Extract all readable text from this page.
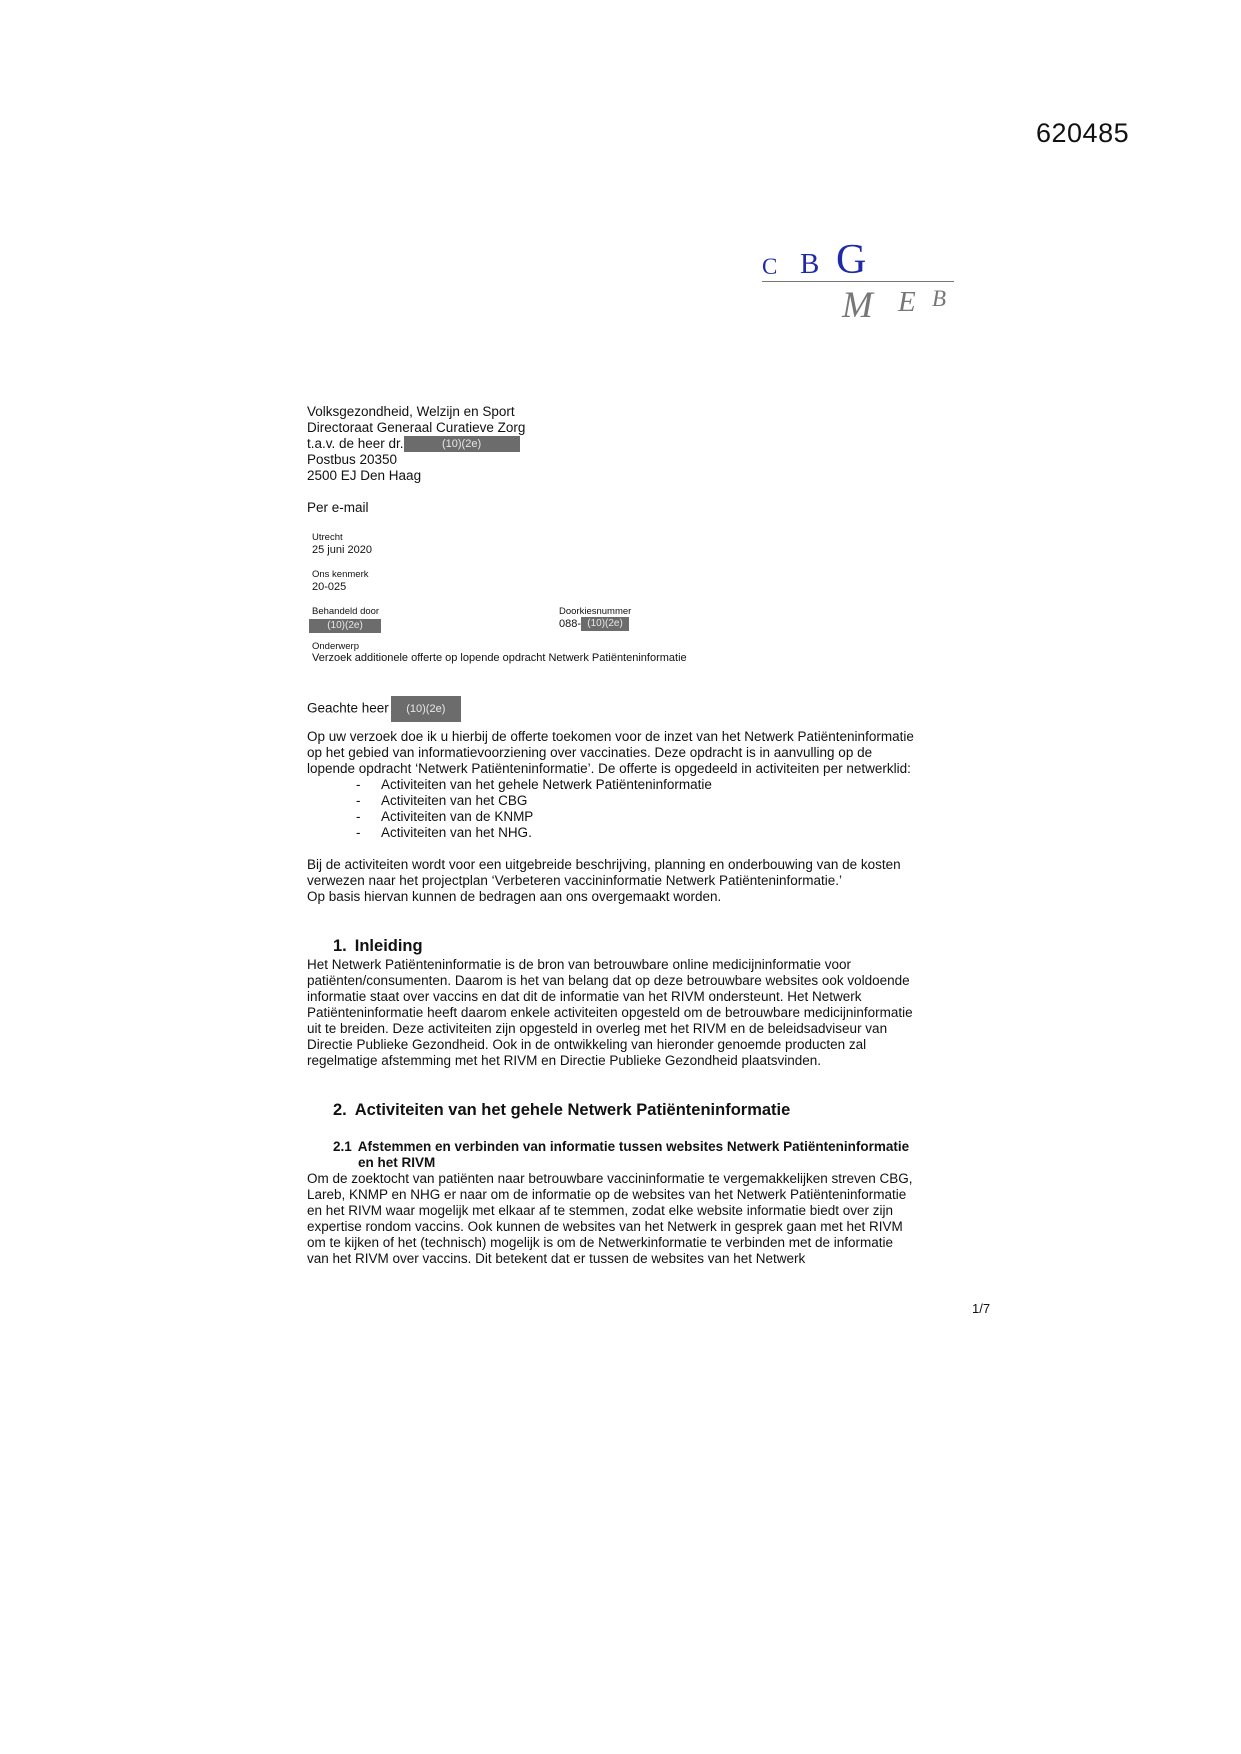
620485
C B G
M E B
Volksgezondheid, Welzijn en Sport
Directoraat Generaal Curatieve Zorg
t.a.v. de heer dr.	(10)(2e)
Postbus 20350
2500 EJ Den Haag
Per e-mail
Utrecht
25 juni 2020
Ons kenmerk
20-025
Behandeld door
(10)(2e)
Doorkiesnummer
088- (10)(2e)
Onderwerp
Verzoek additionele offerte op lopende opdracht Netwerk Patiënteninformatie
Geachte heer (10)(2e)

Op uw verzoek doe ik u hierbij de offerte toekomen voor de inzet van het Netwerk Patiënteninformatie

op het gebied van informatievoorziening over vaccinaties. Deze opdracht is in aanvulling op de

lopende opdracht ‘Netwerk Patiënteninformatie’. De offerte is opgedeeld in activiteiten per netwerklid:

- Activiteiten van het gehele Netwerk Patiënteninformatie
- Activiteiten van het CBG
- Activiteiten van de KNMP
- Activiteiten van het NHG.

Bij de activiteiten wordt voor een uitgebreide beschrijving, planning en onderbouwing van de kosten

verwezen naar het projectplan ‘Verbeteren vaccininformatie Netwerk Patiënteninformatie.’

Op basis hiervan kunnen de bedragen aan ons overgemaakt worden.

1. Inleiding

Het Netwerk Patiënteninformatie is de bron van betrouwbare online medicijninformatie voor

patiënten/consumenten. Daarom is het van belang dat op deze betrouwbare websites ook voldoende

informatie staat over vaccins en dat dit de informatie van het RIVM ondersteunt. Het Netwerk

Patiënteninformatie heeft daarom enkele activiteiten opgesteld om de betrouwbare medicijninformatie

uit te breiden. Deze activiteiten zijn opgesteld in overleg met het RIVM en de beleidsadviseur van

Directie Publieke Gezondheid. Ook in de ontwikkeling van hieronder genoemde producten zal

regelmatige afstemming met het RIVM en Directie Publieke Gezondheid plaatsvinden.

2. Activiteiten van het gehele Netwerk Patiënteninformatie
2.1 Afstemmen en verbinden van informatie tussen websites Netwerk Patiënteninformatie
en het RIVM

Om de zoektocht van patiënten naar betrouwbare vaccininformatie te vergemakkelijken streven CBG,

Lareb, KNMP en NHG er naar om de informatie op de websites van het Netwerk Patiënteninformatie

en het RIVM waar mogelijk met elkaar af te stemmen, zodat elke website informatie biedt over zijn

expertise rondom vaccins. Ook kunnen de websites van het Netwerk in gesprek gaan met het RIVM

om te kijken of het (technisch) mogelijk is om de Netwerkinformatie te verbinden met de informatie

van het RIVM over vaccins. Dit betekent dat er tussen de websites van het Netwerk

1/7
